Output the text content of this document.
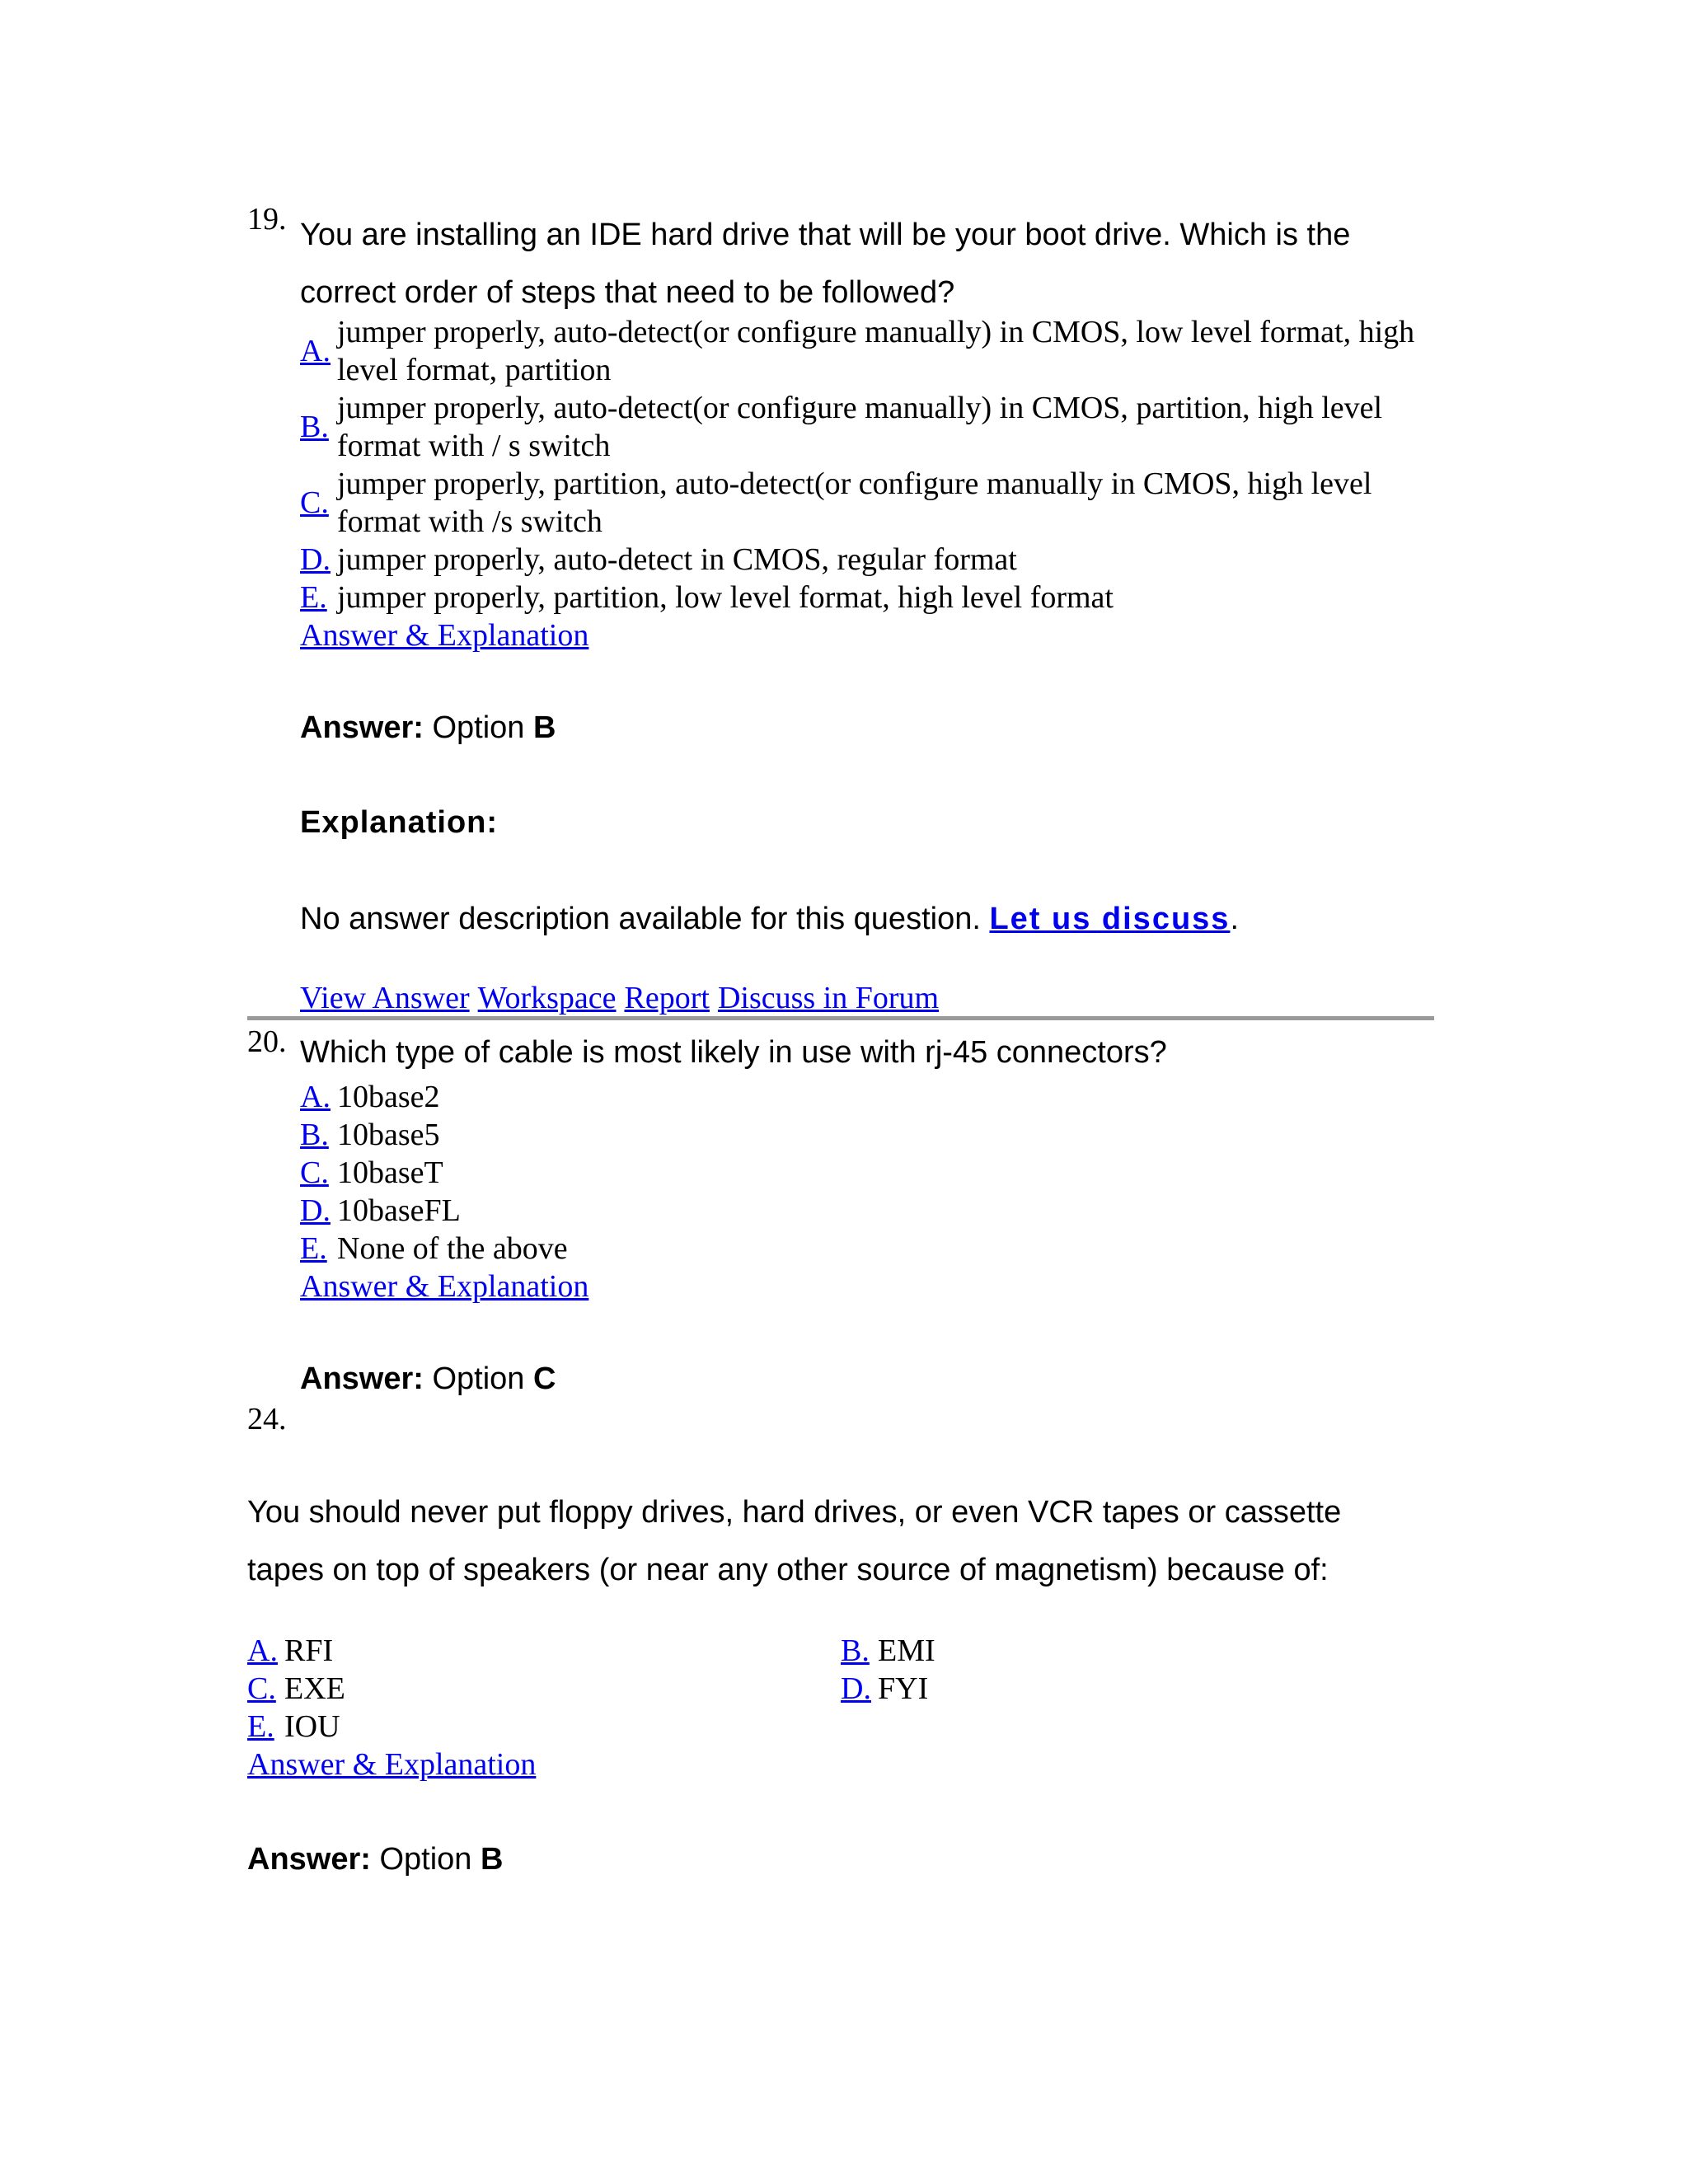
19. You are installing an IDE hard drive that will be your boot drive. Which is the correct order of steps that need to be followed?
A.
jumper properly, auto-detect(or configure manually) in CMOS, low level format, high level format, partition
B.
jumper properly, auto-detect(or configure manually) in CMOS, partition, high level format with / s switch
C.
jumper properly, partition, auto-detect(or configure manually in CMOS, high level format with /s switch
D. jumper properly, auto-detect in CMOS, regular format
E. jumper properly, partition, low level format, high level format
Answer & Explanation
Answer: Option B
Explanation:
No answer description available for this question. Let us discuss.
View Answer Workspace Report Discuss in Forum
20. Which type of cable is most likely in use with rj-45 connectors?
A. 10base2
B. 10base5
C. 10baseT
D. 10baseFL
E. None of the above
Answer & Explanation
Answer: Option C
24.
You should never put floppy drives, hard drives, or even VCR tapes or cassette tapes on top of speakers (or near any other source of magnetism) because of:
A. RFI	B. EMI
C. EXE	D. FYI
E. IOU
Answer & Explanation
Answer: Option B
